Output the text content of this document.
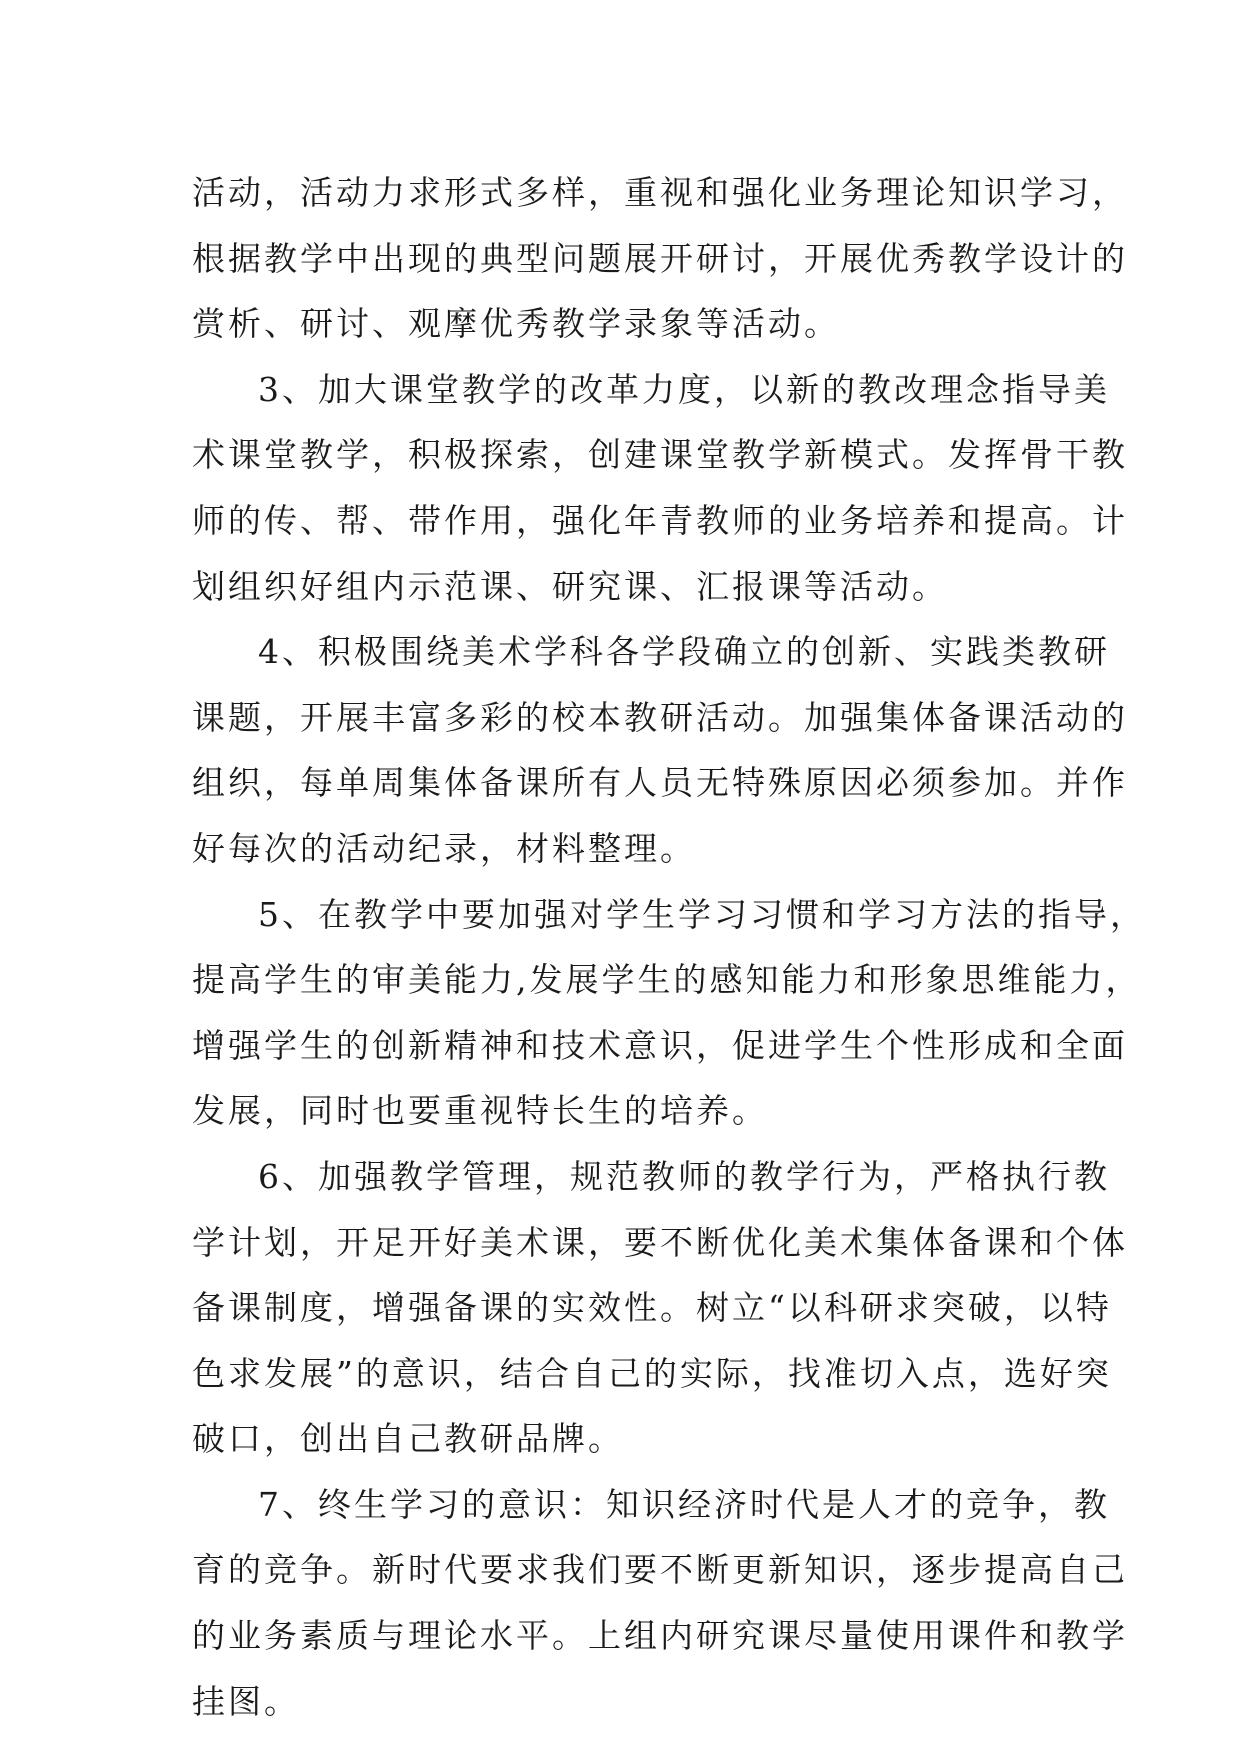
活动，活动力求形式多样，重视和强化业务理论知识学习，
根据教学中出现的典型问题展开研讨，开展优秀教学设计的
赏析、研讨、观摩优秀教学录象等活动。
3、加大课堂教学的改革力度，以新的教改理念指导美
术课堂教学，积极探索，创建课堂教学新模式。发挥骨干教
师的传、帮、带作用，强化年青教师的业务培养和提高。计
划组织好组内示范课、研究课、汇报课等活动。
4、积极围绕美术学科各学段确立的创新、实践类教研
课题，开展丰富多彩的校本教研活动。加强集体备课活动的
组织，每单周集体备课所有人员无特殊原因必须参加。并作
好每次的活动纪录，材料整理。
5、在教学中要加强对学生学习习惯和学习方法的指导，
提高学生的审美能力,发展学生的感知能力和形象思维能力，
增强学生的创新精神和技术意识，促进学生个性形成和全面
发展，同时也要重视特长生的培养。
6、加强教学管理，规范教师的教学行为，严格执行教
学计划，开足开好美术课，要不断优化美术集体备课和个体
备课制度，增强备课的实效性。树立“以科研求突破，以特
色求发展”的意识，结合自己的实际，找准切入点，选好突
破口，创出自己教研品牌。
7、终生学习的意识：知识经济时代是人才的竞争，教
育的竞争。新时代要求我们要不断更新知识，逐步提高自己
的业务素质与理论水平。上组内研究课尽量使用课件和教学
挂图。
